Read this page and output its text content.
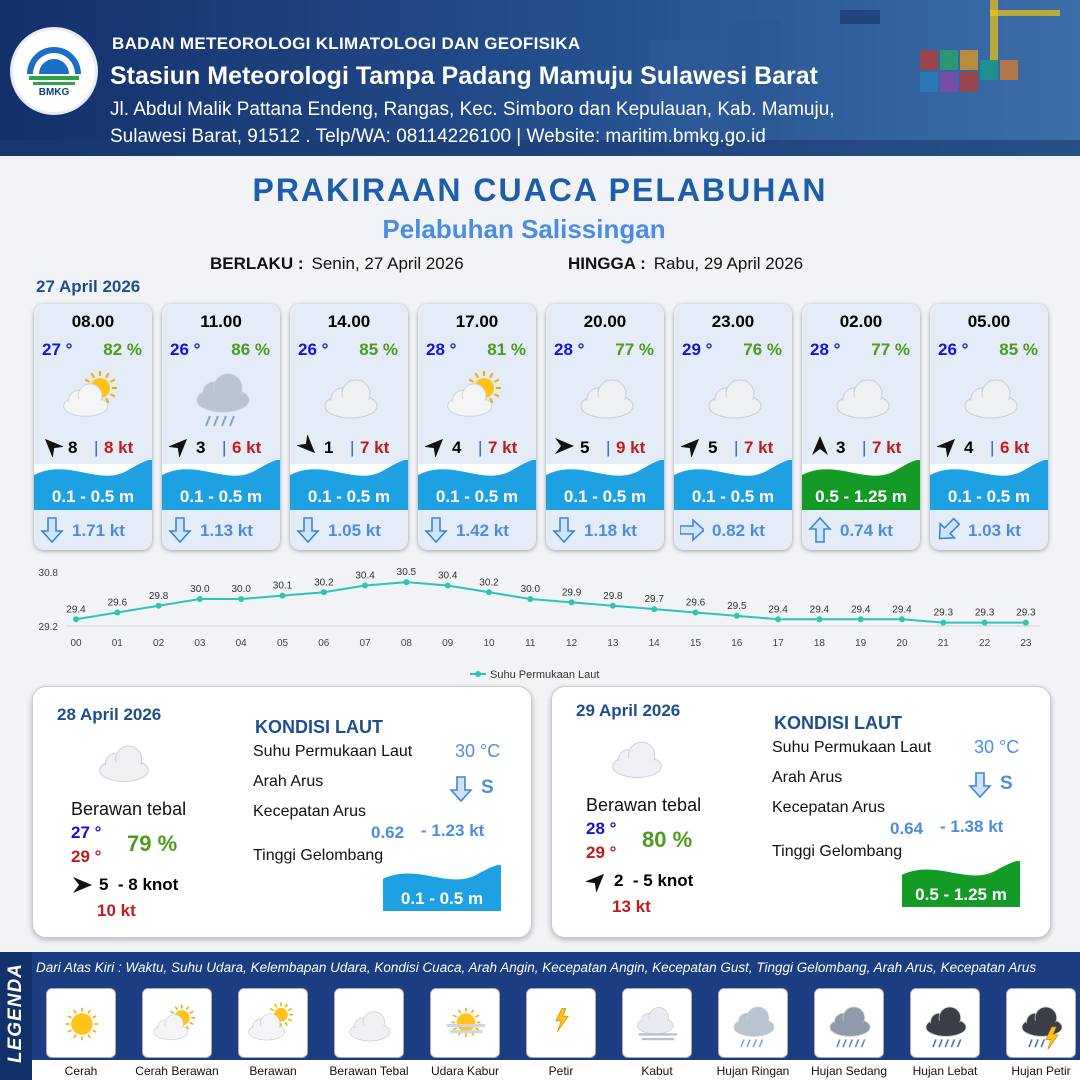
BMKG
BADAN METEOROLOGI KLIMATOLOGI DAN GEOFISIKA
Stasiun Meteorologi Tampa Padang Mamuju Sulawesi Barat
Jl. Abdul Malik Pattana Endeng, Rangas, Kec. Simboro dan Kepulauan, Kab. Mamuju,
Sulawesi Barat, 91512 . Telp/WA: 08114226100 | Website: maritim.bmkg.go.id
PRAKIRAAN CUACA PELABUHAN
Pelabuhan Salissingan
BERLAKU : Senin, 27 April 2026	HINGGA : Rabu, 29 April 2026
27 April 2026
08.00
27 ° 82 %
8 | 8 kt
0.1 - 0.5 m
1.71 kt
11.00
26 ° 86 %
3 | 6 kt
0.1 - 0.5 m
1.13 kt
14.00
26 ° 85 %
1 | 7 kt
0.1 - 0.5 m
1.05 kt
17.00
28 ° 81 %
4 | 7 kt
0.1 - 0.5 m
1.42 kt
20.00
28 ° 77 %
5 | 9 kt
0.1 - 0.5 m
1.18 kt
23.00
29 ° 76 %
5 | 7 kt
0.1 - 0.5 m
0.82 kt
02.00
28 ° 77 %
3 | 7 kt
0.5 - 1.25 m
0.74 kt
05.00
26 ° 85 %
4 | 6 kt
0.1 - 0.5 m
1.03 kt
30.8
29.2
29.4
00
29.6
01
29.8
02
30.0
03
30.0
04
30.1
05
30.2
06
30.4
07
30.5
08
30.4
09
30.2
10
30.0
11
29.9
12
29.8
13
29.7
14
29.6
15
29.5
16
29.4
17
29.4
18
29.4
19
29.4
20
29.3
21
29.3
22
29.3
23
Suhu Permukaan Laut
28 April 2026
Berawan tebal
27 °
29 °
79 %
5  - 8 knot
10 kt
KONDISI LAUT
Suhu Permukaan Laut 30 °C
Arah Arus	S
Kecepatan Arus
0.62 - 1.23 kt
Tinggi Gelombang
0.1 - 0.5 m
29 April 2026
Berawan tebal
28 °
29 °
80 %
2  - 5 knot
13 kt
KONDISI LAUT
Suhu Permukaan Laut 30 °C
Arah Arus	S
Kecepatan Arus
0.64 - 1.38 kt
Tinggi Gelombang
0.5 - 1.25 m
LEGENDA Dari Atas Kiri : Waktu, Suhu Udara, Kelembapan Udara, Kondisi Cuaca, Arah Angin, Kecepatan Angin, Kecepatan Gust, Tinggi Gelombang, Arah Arus, Kecepatan Arus
Cerah	Cerah Berawan	Berawan	Berawan Tebal	Udara Kabur	Petir	Kabut	Hujan Ringan	Hujan Sedang	Hujan Lebat	Hujan Petir
